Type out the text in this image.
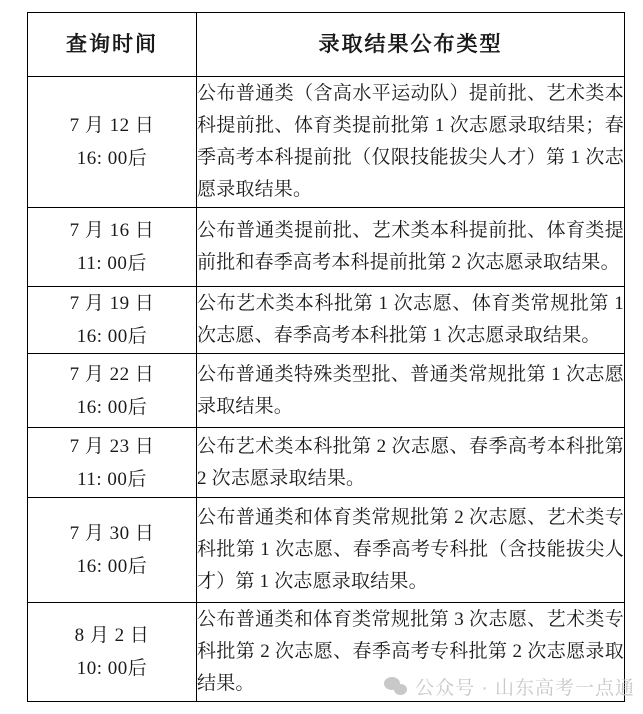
查询时间	录取结果公布类型

7 月 12 日
16: 00后	公布普通类（含高水平运动队）提前批、艺术类本科提前批、体育类提前批第 1 次志愿录取结果；春季高考本科提前批（仅限技能拔尖人才）第 1 次志愿录取结果。

7 月 16 日
11: 00后	公布普通类提前批、艺术类本科提前批、体育类提前批和春季高考本科提前批第 2 次志愿录取结果。

7 月 19 日
16: 00后	公布艺术类本科批第 1 次志愿、体育类常规批第 1 次志愿、春季高考本科批第 1 次志愿录取结果。

7 月 22 日
16: 00后	公布普通类特殊类型批、普通类常规批第 1 次志愿录取结果。

7 月 23 日
11: 00后	公布艺术类本科批第 2 次志愿、春季高考本科批第 2 次志愿录取结果。

7 月 30 日
16: 00后	公布普通类和体育类常规批第 2 次志愿、艺术类专科批第 1 次志愿、春季高考专科批（含技能拔尖人才）第 1 次志愿录取结果。

8 月 2 日
10: 00后	公布普通类和体育类常规批第 3 次志愿、艺术类专科批第 2 次志愿、春季高考专科批第 2 次志愿录取结果。	公众号 · 山东高考一点通
